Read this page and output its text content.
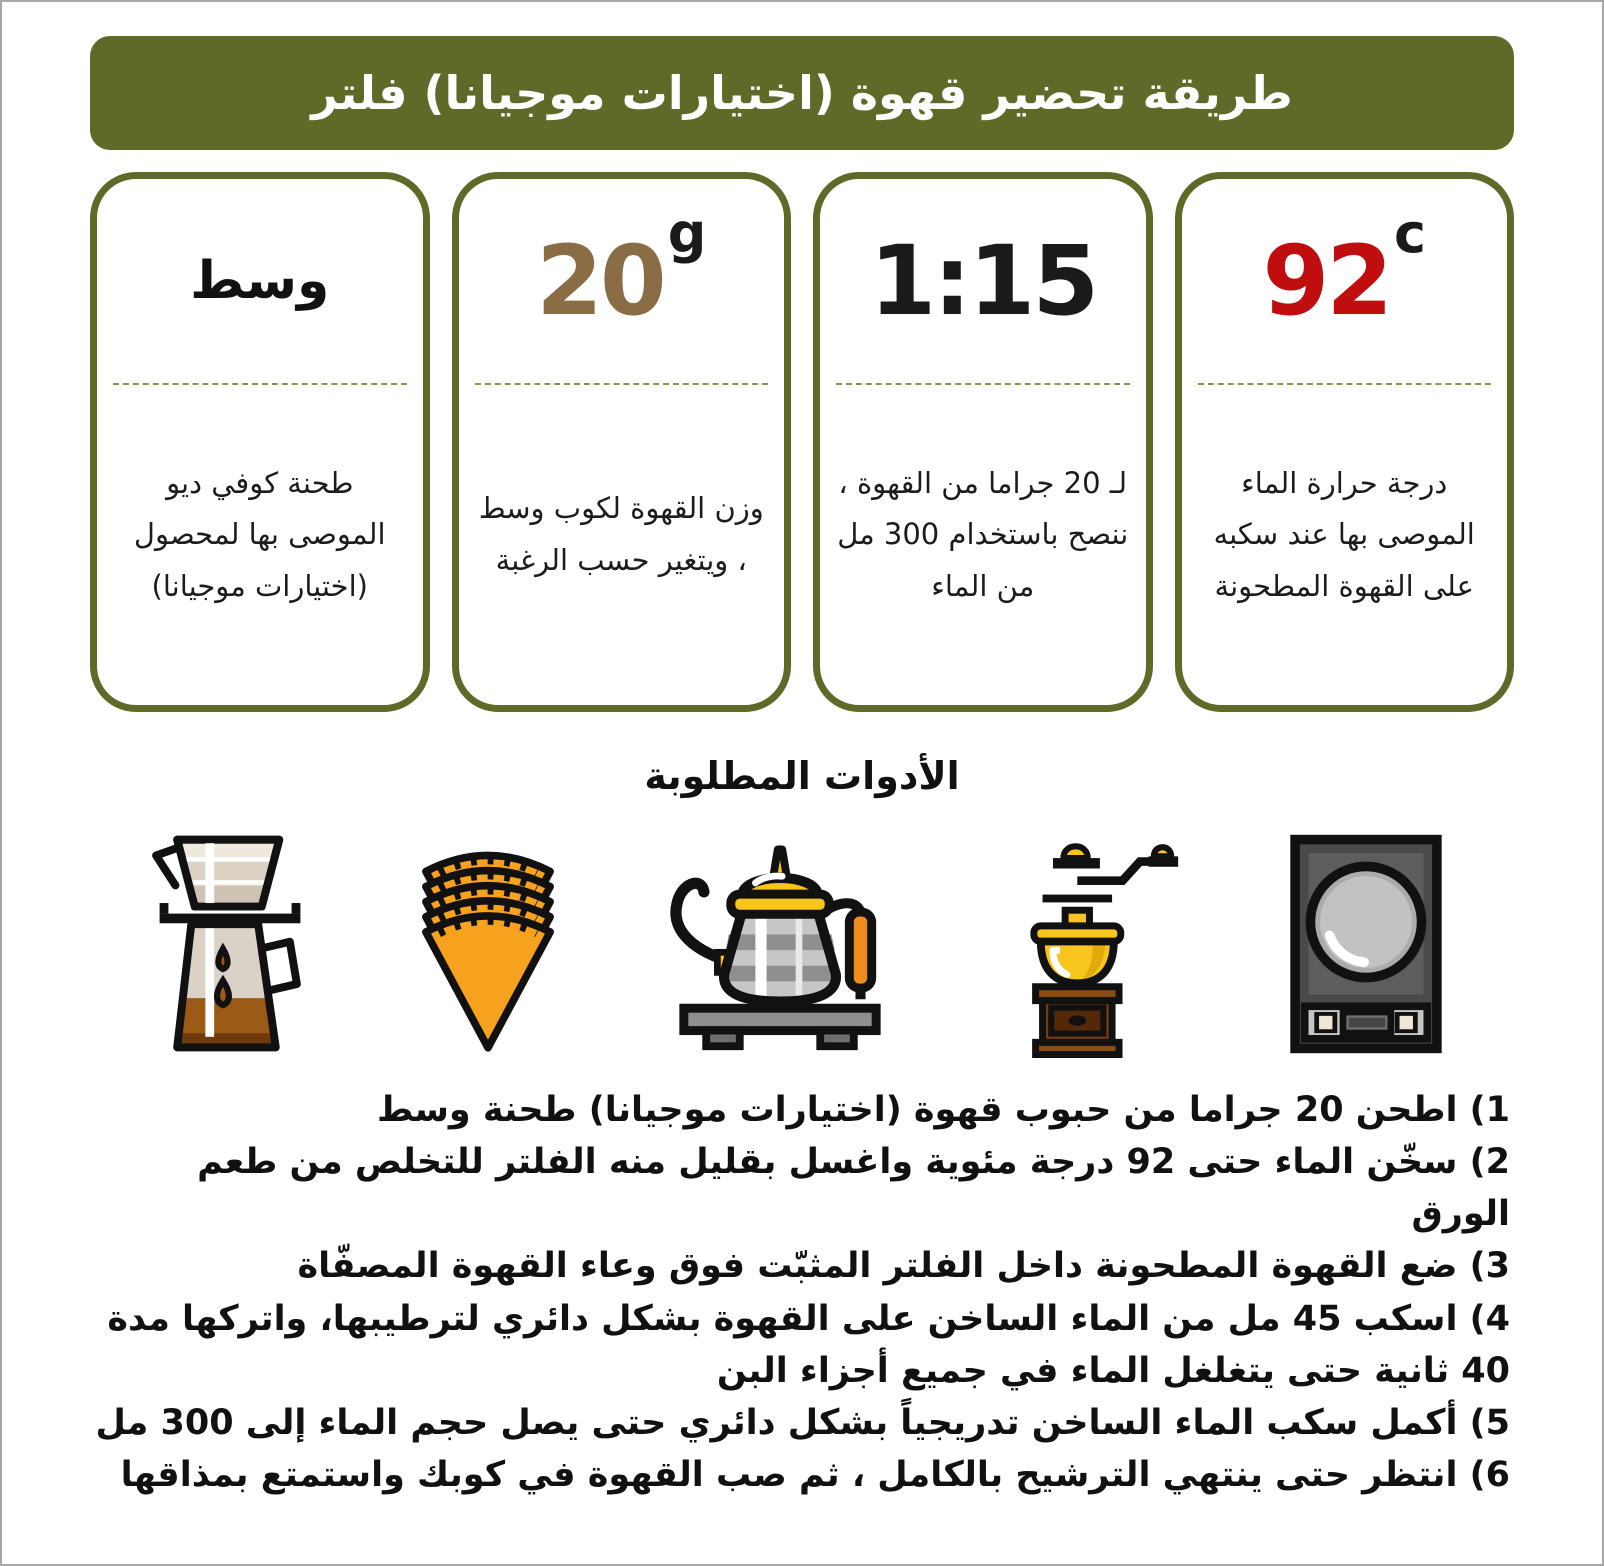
طريقة تحضير قهوة (اختيارات موجيانا) فلتر
وسط
طحنة كوفي ديو الموصى بها لمحصول (اختيارات موجيانا)
20 g
وزن القهوة لكوب وسط ، ويتغير حسب الرغبة
1:15
لـ 20 جراما من القهوة ، ننصح باستخدام 300 مل من الماء
92 c
درجة حرارة الماء الموصى بها عند سكبه على القهوة المطحونة
الأدوات المطلوبة

1) اطحن 20 جراما من حبوب قهوة (اختيارات موجيانا) طحنة وسط

2) سخّن الماء حتى 92 درجة مئوية واغسل بقليل منه الفلتر للتخلص من طعم الورق

3) ضع القهوة المطحونة داخل الفلتر المثبّت فوق وعاء القهوة المصفّاة

4) اسكب 45 مل من الماء الساخن على القهوة بشكل دائري لترطيبها، واتركها مدة 40 ثانية حتى يتغلغل الماء في جميع أجزاء البن

5) أكمل سكب الماء الساخن تدريجياً بشكل دائري حتى يصل حجم الماء إلى 300 مل

6) انتظر حتى ينتهي الترشيح بالكامل ، ثم صب القهوة في كوبك واستمتع بمذاقها
